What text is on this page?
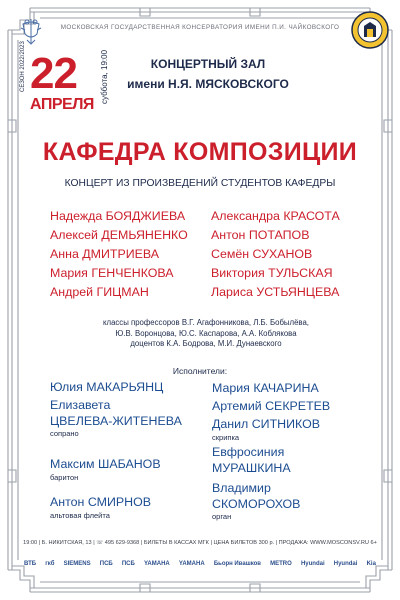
МОСКОВСКАЯ ГОСУДАРСТВЕННАЯ КОНСЕРВАТОРИЯ ИМЕНИ П.И. ЧАЙКОВСКОГО
22
АПРЕЛЯ
СЕЗОН 2022/2023	суббота, 19:00	КОНЦЕРТНЫЙ ЗАЛ
имени Н.Я. МЯСКОВСКОГО
КАФЕДРА КОМПОЗИЦИИ
КОНЦЕРТ ИЗ ПРОИЗВЕДЕНИЙ СТУДЕНТОВ КАФЕДРЫ
Надежда БОЯДЖИЕВА
Алексей ДЕМЬЯНЕНКО
Анна ДМИТРИЕВА
Мария ГЕНЧЕНКОВА
Андрей ГИЦМАН
Александра КРАСОТА
Антон ПОТАПОВ
Семён СУХАНОВ
Виктория ТУЛЬСКАЯ
Лариса УСТЬЯНЦЕВА
классы профессоров В.Г. Агафонникова, Л.Б. Бобылёва,
Ю.В. Воронцова, Ю.С. Каспарова, А.А. Коблякова
доцентов К.А. Бодрова, М.И. Дунаевского
Исполнители:
Юлия МАКАРЬЯНЦ
Елизавета
ЦВЕЛЕВА-ЖИТЕНЕВА
сопрано
Максим ШАБАНОВ
баритон
Антон СМИРНОВ
альтовая флейта
Мария КАЧАРИНА
Артемий СЕКРЕТЕВ
Данил СИТНИКОВ
скрипка
Евфросиния
МУРАШКИНА
Владимир
СКОМОРОХОВ
орган
19:00 | Б. НИКИТСКАЯ, 13 | ☏ 495 629-9368 | БИЛЕТЫ В КАССАХ МГК | ЦЕНА БИЛЕТОВ 300 р. | ПРОДАЖА: WWW.MOSCONSV.RU 6+
ВТБ гкб SIEMENS ПСБ ПСБ YAMAHA YAMAHA Бьорн Ивашков METRO Hyundai Hyundai Kia
